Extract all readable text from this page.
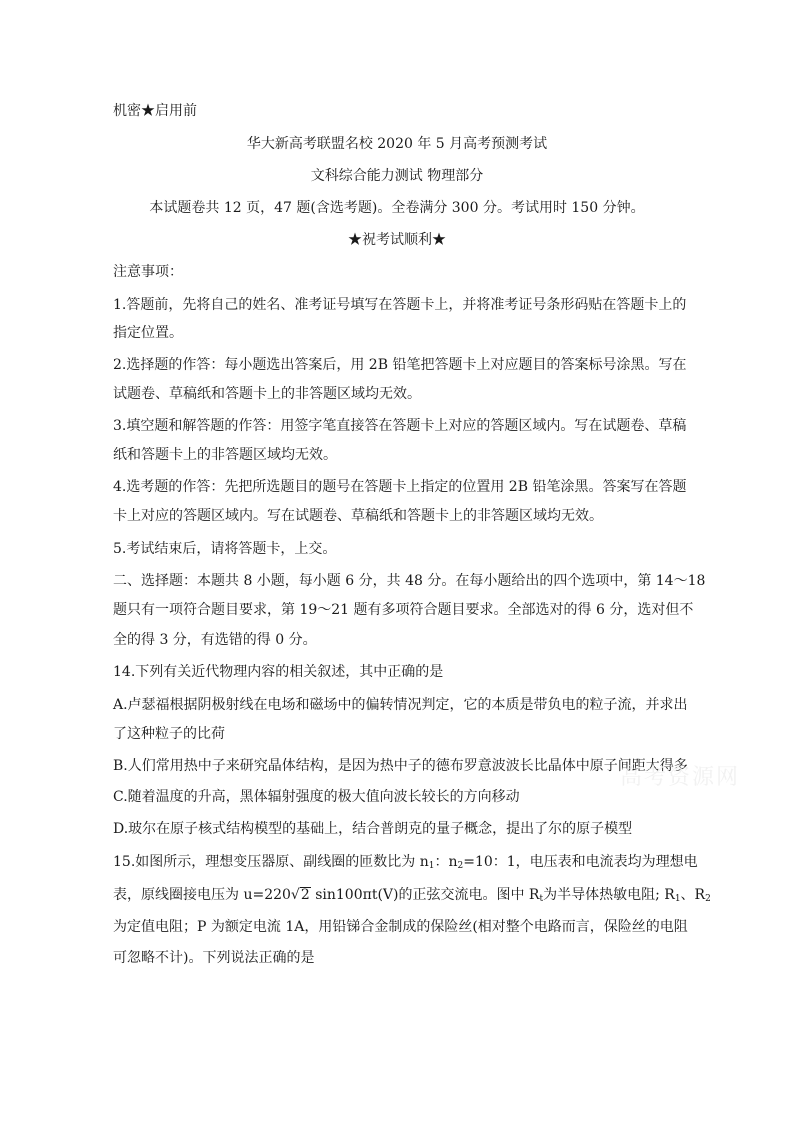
机密★启用前
华大新高考联盟名校 2020 年 5 月高考预测考试
文科综合能力测试 物理部分
本试题卷共 12 页，47 题(含选考题)。全卷满分 300 分。考试用时 150 分钟。
★祝考试顺利★
注意事项：
1.答题前，先将自己的姓名、准考证号填写在答题卡上，并将准考证号条形码贴在答题卡上的
指定位置。
2.选择题的作答：每小题选出答案后，用 2B 铅笔把答题卡上对应题目的答案标号涂黑。写在
试题卷、草稿纸和答题卡上的非答题区域均无效。
3.填空题和解答题的作答：用签字笔直接答在答题卡上对应的答题区域内。写在试题卷、草稿
纸和答题卡上的非答题区域均无效。
4.选考题的作答：先把所选题目的题号在答题卡上指定的位置用 2B 铅笔涂黑。答案写在答题
卡上对应的答题区域内。写在试题卷、草稿纸和答题卡上的非答题区域均无效。
5.考试结束后，请将答题卡，上交。
二、选择题：本题共 8 小题，每小题 6 分，共 48 分。在每小题给出的四个选项中，第 14～18
题只有一项符合题目要求，第 19～21 题有多项符合题目要求。全部选对的得 6 分，选对但不
全的得 3 分，有选错的得 0 分。
14.下列有关近代物理内容的相关叙述，其中正确的是
A.卢瑟福根据阴极射线在电场和磁场中的偏转情况判定，它的本质是带负电的粒子流，并求出
了这种粒子的比荷
B.人们常用热中子来研究晶体结构，是因为热中子的德布罗意波波长比晶体中原子间距大得多
C.随着温度的升高，黑体辐射强度的极大值向波长较长的方向移动
D.玻尔在原子核式结构模型的基础上，结合普朗克的量子概念，提出了尔的原子模型
15.如图所示，理想变压器原、副线圈的匝数比为 $n_1$：$n_2=10$：1，电压表和电流表均为理想电
表，原线圈接电压为 u=220√2 sin100πt(V)的正弦交流电。图中 $R_t$为半导体热敏电阻; $R_1$、$R_2$
为定值电阻；P 为额定电流 1A，用铅锑合金制成的保险丝(相对整个电路而言，保险丝的电阻
可忽略不计)。下列说法正确的是
高考资源网
